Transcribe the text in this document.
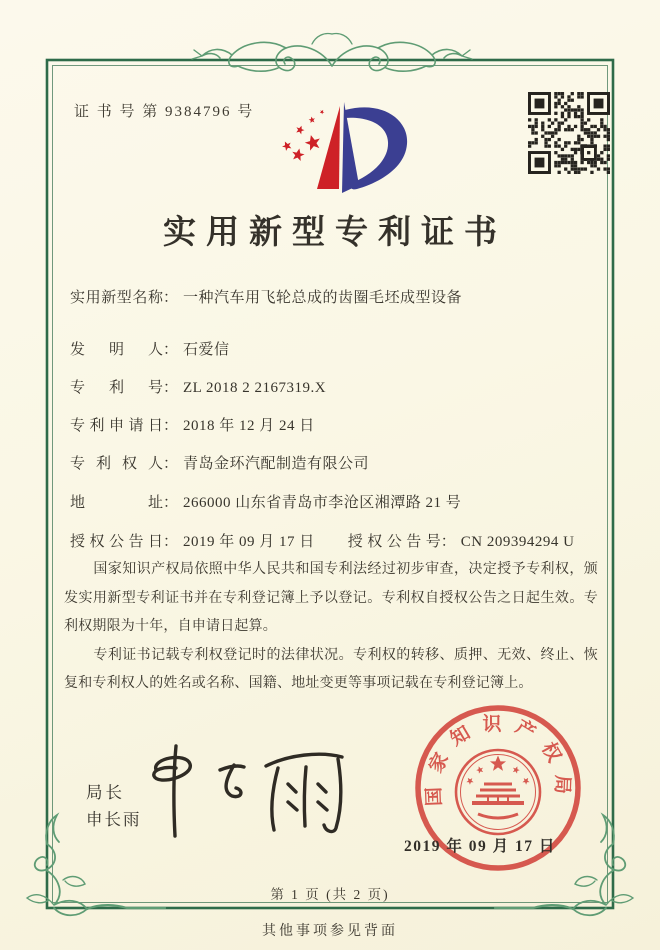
证 书 号 第 9384796 号
实用新型专利证书
实用新型名称： 一种汽车用飞轮总成的齿圈毛坯成型设备
发明人： 石爱信
专利号： ZL 2018 2 2167319.X
专利申请日： 2018 年 12 月 24 日
专利权人： 青岛金环汽配制造有限公司
地址： 266000 山东省青岛市李沧区湘潭路 21 号
授权公告日： 2019 年 09 月 17 日 授权公告号： CN 209394294 U

国家知识产权局依照中华人民共和国专利法经过初步审查，决定授予专利权，颁发实用新型专利证书并在专利登记簿上予以登记。专利权自授权公告之日起生效。专利权期限为十年，自申请日起算。

专利证书记载专利权登记时的法律状况。专利权的转移、质押、无效、终止、恢复和专利权人的姓名或名称、国籍、地址变更等事项记载在专利登记簿上。

局长
申长雨
国家知识产权局
2019 年 09 月 17 日
第 1 页 (共 2 页)
其他事项参见背面
